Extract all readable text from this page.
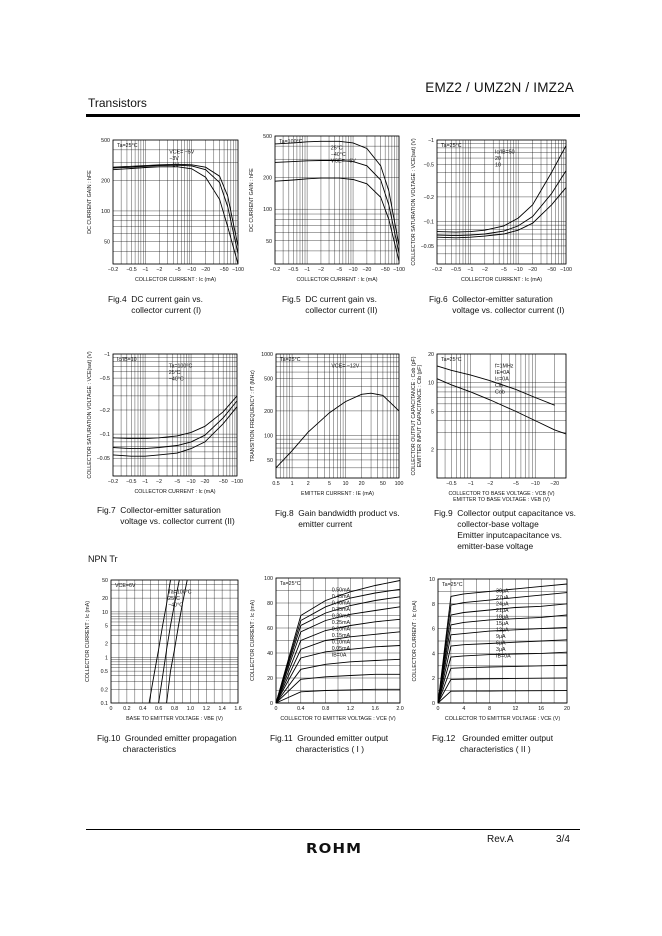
EMZ2 / UMZ2N / IMZ2A
Transistors
−0.2 −0.5 −1 −2 −5 −10 −20 −50 −100
500
200
100
50
COLLECTOR CURRENT : Ic (mA)
DC CURRENT GAIN : hFE
Ta=25°C
VCE= −5V
−3V
−1V
Fig.4  DC current gain vs.
collector current (I)
−0.2 −0.5 −1 −2 −5 −10 −20 −50 −100
500
200
100
50
COLLECTOR CURRENT : Ic (mA)
DC CURRENT GAIN : hFE
Ta=100°C
25°C
−40°C
VCE= −6V
Fig.5  DC current gain vs.
collector current (II)
−0.2 −0.5 −1 −2 −5 −10 −20 −50 −100
−1
−0.5
−0.2
−0.1
−0.05
COLLECTOR CURRENT : Ic (mA)
COLLECTOR SATURATION VOLTAGE : VCE(sat) (V)	Ta=25°C
Ic/IB=50
20
10
Fig.6  Collector-emitter saturation
voltage vs. collector current (I)
−0.2 −0.5 −1 −2 −5 −10 −20 −50 −100
−1
−0.5
−0.2
−0.1
−0.05
COLLECTOR CURRENT : Ic (mA)
COLLECTOR SATURATION VOLTAGE : VCE(sat) (V)	Ic/IB=10
Ta=100°C
25°C
−40°C
Fig.7  Collector-emitter saturation
voltage vs. collector current (II)
0.5 1 2	5 10 20	50 100
1000
500
200
100
50
EMITTER CURRENT : IE (mA)
TRANSITION FREQUENCY : fT (MHz)
Ta=25°C
VCE= −12V
Fig.8  Gain bandwidth product vs.
emitter current
−0.5 −1	−2	−5 −10 −20
20
10
5
2
COLLECTOR TO BASE VOLTAGE : VCB (V)
EMITTER TO BASE VOLTAGE : VEB (V)
COLLECTOR OUTPUT CAPACITANCE : Cob (pF) EMITTER INPUT CAPACITANCE : Cib (pF)
Ta=25°C
f=1MHz
IE=0A
Ic=0A
Cib
Cob
Fig.9  Collector output capacitance vs.
collector-base voltage
Emitter inputcapacitance vs.
emitter-base voltage
0 0.2 0.4 0.6 0.8 1.0 1.2 1.4 1.6
50
20
10
5
2
1
0.5
0.2
0.1
BASE TO EMITTER VOLTAGE : VBE (V)
COLLECTOR CURRENT : Ic (mA)
VCE=6V
Ta=100°C
25°C
−40°C
Fig.10  Grounded emitter propagation
characteristics
0	0.4	0.8	1.2	1.6	2.0
100
80
60
40
20
0
COLLECTOR TO EMITTER VOLTAGE : VCE (V)
COLLECTOR CURRENT : Ic (mA)
Ta=25°C
0.50mA
0.45mA
0.40mA
0.35mA
0.30mA
0.25mA
0.20mA
0.15mA
0.10mA
0.05mA
IB=0A
Fig.11  Grounded emitter output
characteristics ( I )
0	4	8	12	16	20
10
8
6
4
2
0
COLLECTOR TO EMITTER VOLTAGE : VCE (V)
COLLECTOR CURRENT : Ic (mA)
Ta=25°C
30μA
27μA
24μA
21μA
18μA
15μA
12μA
9μA
6μA
3μA
IB=0A
Fig.12   Grounded emitter output
characteristics ( II )
NPN Tr
Rev.A	3/4
ROHM
